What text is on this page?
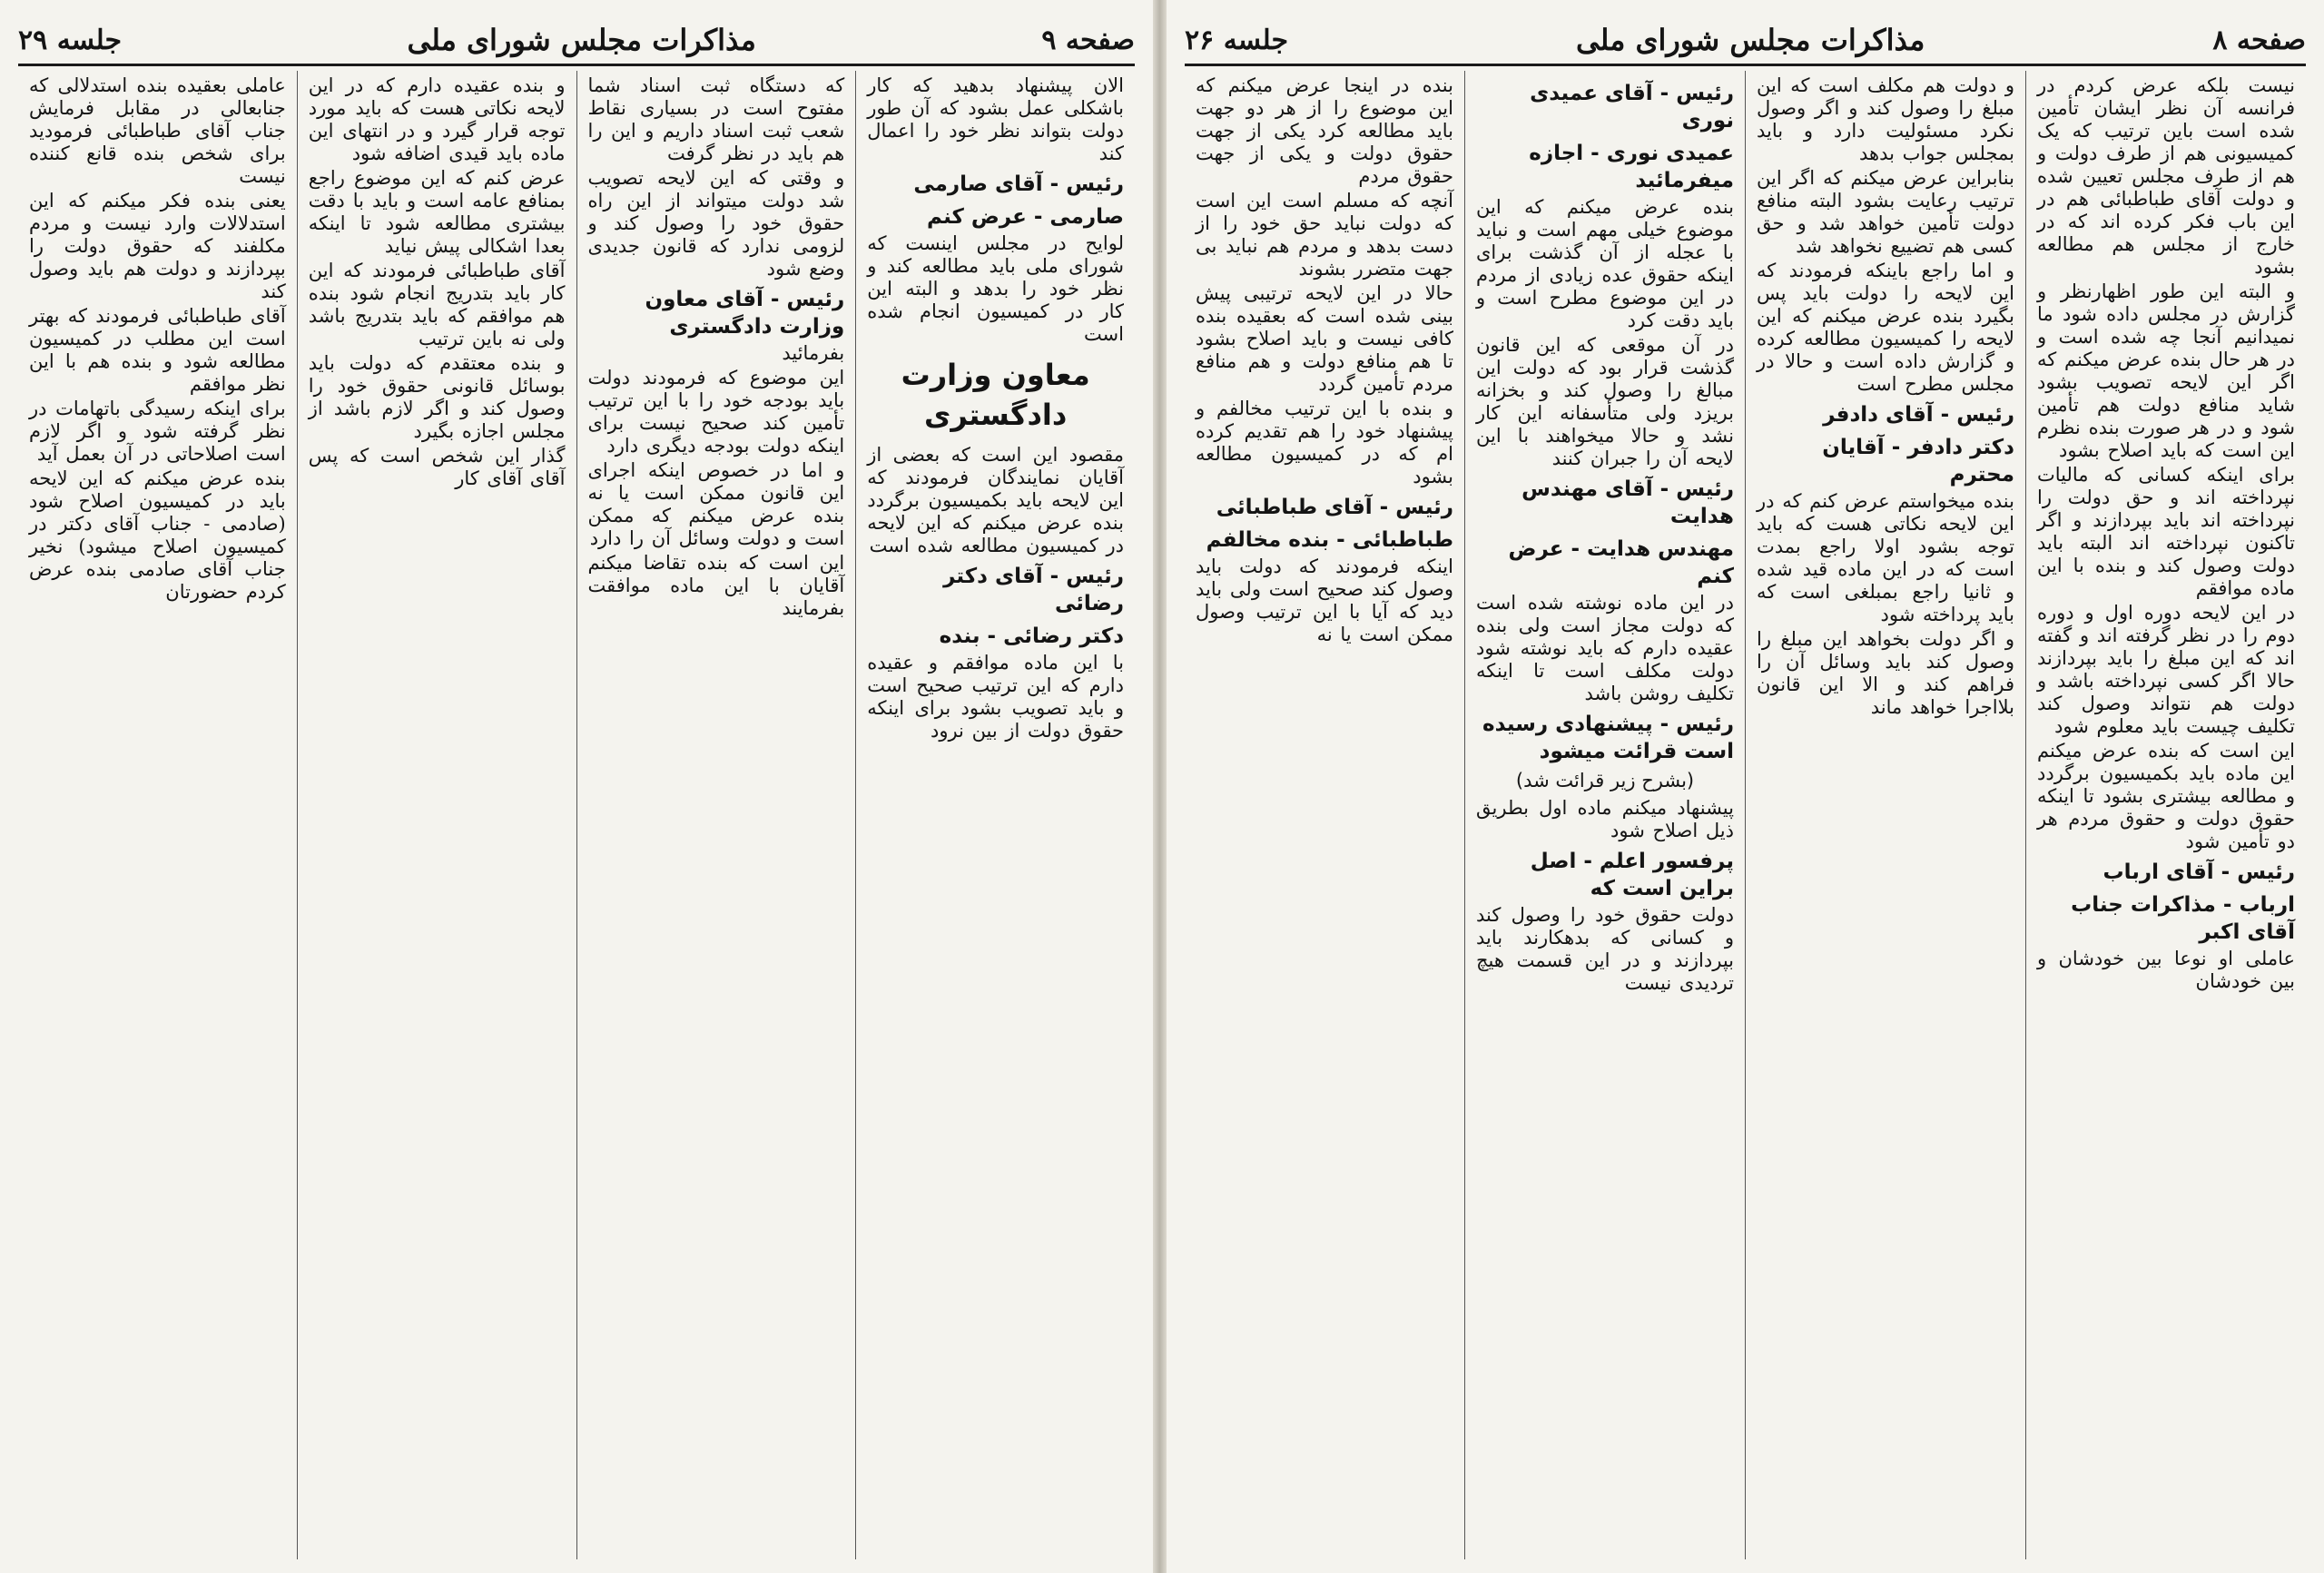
صفحه ۸
مذاکرات مجلس شورای ملی
جلسه ۲۶

نیست بلکه عرض کردم در فرانسه آن نظر ایشان تأمین شده است باین ترتیب که یک کمیسیونی هم از طرف دولت و هم از طرف مجلس تعیین شده و دولت آقای طباطبائی هم در این باب فکر کرده اند که در خارج از مجلس هم مطالعه بشود

و البته این طور اظهارنظر و گزارش در مجلس داده شود ما نمیدانیم آنجا چه شده است و در هر حال بنده عرض میکنم که اگر این لایحه تصویب بشود شاید منافع دولت هم تأمین شود و در هر صورت بنده نظرم این است که باید اصلاح بشود

برای اینکه کسانی که مالیات نپرداخته اند و حق دولت را نپرداخته اند باید بپردازند و اگر تاکنون نپرداخته اند البته باید دولت وصول کند و بنده با این ماده موافقم

در این لایحه دوره اول و دوره دوم را در نظر گرفته اند و گفته اند که این مبلغ را باید بپردازند حالا اگر کسی نپرداخته باشد و دولت هم نتواند وصول کند تکلیف چیست باید معلوم شود

این است که بنده عرض میکنم این ماده باید بکمیسیون برگردد و مطالعه بیشتری بشود تا اینکه حقوق دولت و حقوق مردم هر دو تأمین شود

رئیس - آقای ارباب

ارباب - مذاکرات جناب آقای اکبر

عاملی او نوعا بین خودشان و بین خودشان

و دولت هم مکلف است که این مبلغ را وصول کند و اگر وصول نکرد مسئولیت دارد و باید بمجلس جواب بدهد

بنابراین عرض میکنم که اگر این ترتیب رعایت بشود البته منافع دولت تأمین خواهد شد و حق کسی هم تضییع نخواهد شد

و اما راجع باینکه فرمودند که این لایحه را دولت باید پس بگیرد بنده عرض میکنم که این لایحه را کمیسیون مطالعه کرده و گزارش داده است و حالا در مجلس مطرح است

رئیس - آقای دادفر

دکتر دادفر - آقایان محترم

بنده میخواستم عرض کنم که در این لایحه نکاتی هست که باید توجه بشود اولا راجع بمدت است که در این ماده قید شده و ثانیا راجع بمبلغی است که باید پرداخته شود

و اگر دولت بخواهد این مبلغ را وصول کند باید وسائل آن را فراهم کند و الا این قانون بلااجرا خواهد ماند

رئیس - آقای عمیدی نوری

عمیدی نوری - اجازه میفرمائید

بنده عرض میکنم که این موضوع خیلی مهم است و نباید با عجله از آن گذشت برای اینکه حقوق عده زیادی از مردم در این موضوع مطرح است و باید دقت کرد

در آن موقعی که این قانون گذشت قرار بود که دولت این مبالغ را وصول کند و بخزانه بریزد ولی متأسفانه این کار نشد و حالا میخواهند با این لایحه آن را جبران کنند

رئیس - آقای مهندس هدایت

مهندس هدایت - عرض کنم

در این ماده نوشته شده است که دولت مجاز است ولی بنده عقیده دارم که باید نوشته شود دولت مکلف است تا اینکه تکلیف روشن باشد

رئیس - پیشنهادی رسیده است قرائت میشود

(بشرح زیر قرائت شد)

پیشنهاد میکنم ماده اول بطریق ذیل اصلاح شود

پرفسور اعلم - اصل براین است که

دولت حقوق خود را وصول کند و کسانی که بدهکارند باید بپردازند و در این قسمت هیچ تردیدی نیست

بنده در اینجا عرض میکنم که این موضوع را از هر دو جهت باید مطالعه کرد یکی از جهت حقوق دولت و یکی از جهت حقوق مردم

آنچه که مسلم است این است که دولت نباید حق خود را از دست بدهد و مردم هم نباید بی جهت متضرر بشوند

حالا در این لایحه ترتیبی پیش بینی شده است که بعقیده بنده کافی نیست و باید اصلاح بشود تا هم منافع دولت و هم منافع مردم تأمین گردد

و بنده با این ترتیب مخالفم و پیشنهاد خود را هم تقدیم کرده ام که در کمیسیون مطالعه بشود

رئیس - آقای طباطبائی

طباطبائی - بنده مخالفم

اینکه فرمودند که دولت باید وصول کند صحیح است ولی باید دید که آیا با این ترتیب وصول ممکن است یا نه

صفحه ۹
مذاکرات مجلس شورای ملی
جلسه ۲۹

الان پیشنهاد بدهید که کار باشکلی عمل بشود که آن طور دولت بتواند نظر خود را اعمال کند

رئیس - آقای صارمی

صارمی - عرض کنم

لوایح در مجلس اینست که شورای ملی باید مطالعه کند و نظر خود را بدهد و البته این کار در کمیسیون انجام شده است

معاون وزارت دادگستری

مقصود این است که بعضی از آقایان نمایندگان فرمودند که این لایحه باید بکمیسیون برگردد بنده عرض میکنم که این لایحه در کمیسیون مطالعه شده است

رئیس - آقای دکتر رضائی

دکتر رضائی - بنده

با این ماده موافقم و عقیده دارم که این ترتیب صحیح است و باید تصویب بشود برای اینکه حقوق دولت از بین نرود

که دستگاه ثبت اسناد شما مفتوح است در بسیاری نقاط شعب ثبت اسناد داریم و این را هم باید در نظر گرفت

و وقتی که این لایحه تصویب شد دولت میتواند از این راه حقوق خود را وصول کند و لزومی ندارد که قانون جدیدی وضع شود

رئیس - آقای معاون وزارت دادگستری

بفرمائید

این موضوع که فرمودند دولت باید بودجه خود را با این ترتیب تأمین کند صحیح نیست برای اینکه دولت بودجه دیگری دارد

و اما در خصوص اینکه اجرای این قانون ممکن است یا نه بنده عرض میکنم که ممکن است و دولت وسائل آن را دارد

این است که بنده تقاضا میکنم آقایان با این ماده موافقت بفرمایند

و بنده عقیده دارم که در این لایحه نکاتی هست که باید مورد توجه قرار گیرد و در انتهای این ماده باید قیدی اضافه شود

عرض کنم که این موضوع راجع بمنافع عامه است و باید با دقت بیشتری مطالعه شود تا اینکه بعدا اشکالی پیش نیاید

آقای طباطبائی فرمودند که این کار باید بتدریج انجام شود بنده هم موافقم که باید بتدریج باشد ولی نه باین ترتیب

و بنده معتقدم که دولت باید بوسائل قانونی حقوق خود را وصول کند و اگر لازم باشد از مجلس اجازه بگیرد

گذار این شخص است که پس آقای آقای کار

عاملی بعقیده بنده استدلالی که جنابعالی در مقابل فرمایش جناب آقای طباطبائی فرمودید برای شخص بنده قانع کننده نیست

یعنی بنده فکر میکنم که این استدلالات وارد نیست و مردم مکلفند که حقوق دولت را بپردازند و دولت هم باید وصول کند

آقای طباطبائی فرمودند که بهتر است این مطلب در کمیسیون مطالعه شود و بنده هم با این نظر موافقم

برای اینکه رسیدگی باتهامات در نظر گرفته شود و اگر لازم است اصلاحاتی در آن بعمل آید

بنده عرض میکنم که این لایحه باید در کمیسیون اصلاح شود (صادمی - جناب آقای دکتر در کمیسیون اصلاح میشود) نخیر جناب آقای صادمی بنده عرض کردم حضورتان
